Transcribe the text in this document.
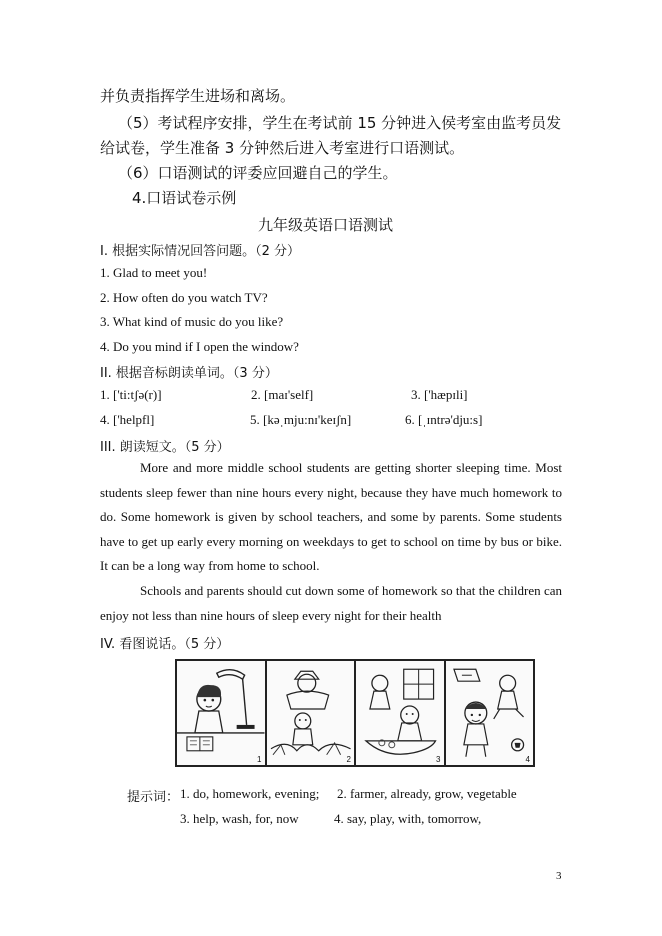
并负责指挥学生进场和离场。
（5）考试程序安排，学生在考试前 15 分钟进入侯考室由监考员发
给试卷，学生准备 3 分钟然后进入考室进行口语测试。
（6）口语测试的评委应回避自己的学生。
4.口语试卷示例
九年级英语口语测试
I. 根据实际情况回答问题。（2 分）
1. Glad to meet you!
2. How often do you watch TV?
3. What kind of music do you like?
4. Do you mind if I open the window?
II. 根据音标朗读单词。（3 分）
1. ['ti:tʃə(r)]	2. [maɪ'self]	3. ['hæpɪli]
4. ['helpfl]	5. [kəˌmju:nɪ'keɪʃn]	6. [ˌɪntrə'dju:s]
III. 朗读短文。（5 分）

More and more middle school students are getting shorter sleeping time. Most students sleep fewer than nine hours every night, because they have much homework to do. Some homework is given by school teachers, and some by parents. Some students have to get up early every morning on weekdays to get to school on time by bus or bike. It can be a long way from home to school.

Schools and parents should cut down some of homework so that the children can enjoy not less than nine hours of sleep every night for their health

IV. 看图说话。（5 分）
1	2	3	4
提示词： 1. do, homework, evening; 2. farmer, already, grow, vegetable
3. help, wash, for, now	4. say, play, with, tomorrow,
3
